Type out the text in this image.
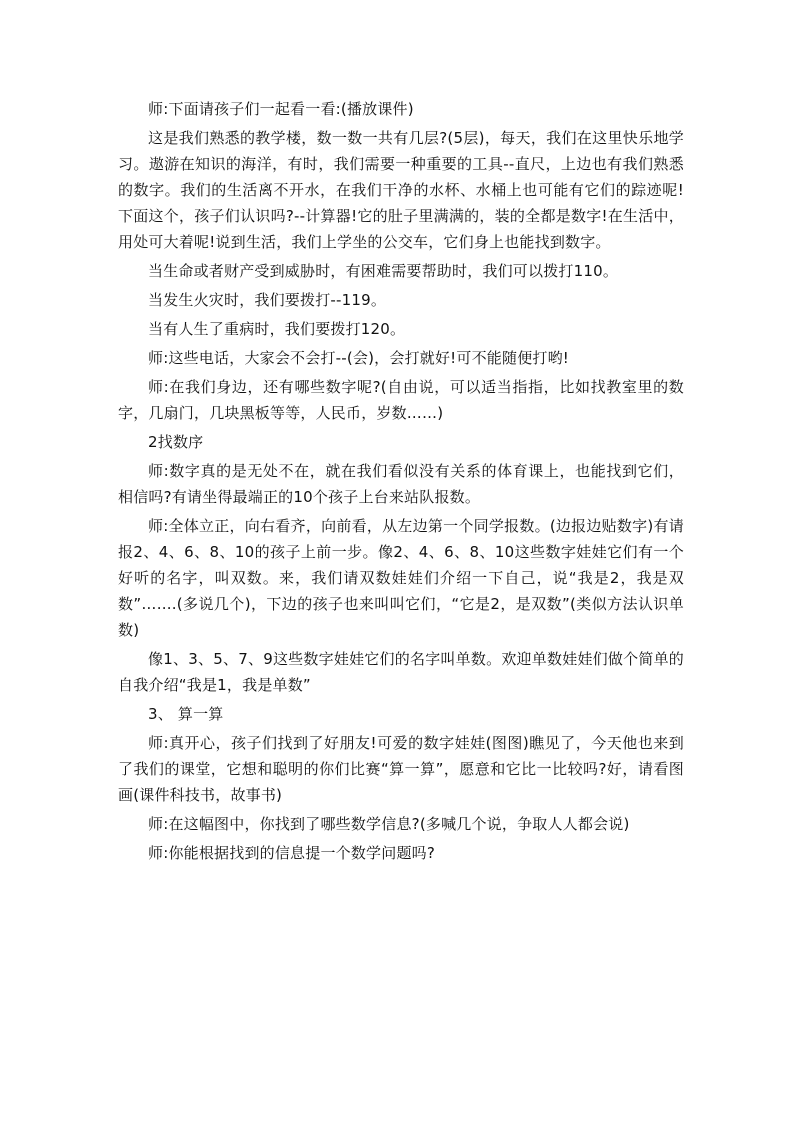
师:下面请孩子们一起看一看:(播放课件)

这是我们熟悉的教学楼，数一数一共有几层?(5层)，每天，我们在这里快乐地学习。遨游在知识的海洋，有时，我们需要一种重要的工具--直尺，上边也有我们熟悉的数字。我们的生活离不开水，在我们干净的水杯、水桶上也可能有它们的踪迹呢!下面这个，孩子们认识吗?--计算器!它的肚子里满满的，装的全都是数字!在生活中，用处可大着呢!说到生活，我们上学坐的公交车，它们身上也能找到数字。

当生命或者财产受到威胁时，有困难需要帮助时，我们可以拨打110。

当发生火灾时，我们要拨打--119。

当有人生了重病时，我们要拨打120。

师:这些电话，大家会不会打--(会)，会打就好!可不能随便打哟!

师:在我们身边，还有哪些数字呢?(自由说，可以适当指指，比如找教室里的数字，几扇门，几块黑板等等，人民币，岁数……)

2找数序

师:数字真的是无处不在，就在我们看似没有关系的体育课上，也能找到它们，相信吗?有请坐得最端正的10个孩子上台来站队报数。

师:全体立正，向右看齐，向前看，从左边第一个同学报数。(边报边贴数字)有请报2、4、6、8、10的孩子上前一步。像2、4、6、8、10这些数字娃娃它们有一个好听的名字，叫双数。来，我们请双数娃娃们介绍一下自己，说“我是2，我是双数”…….(多说几个)，下边的孩子也来叫叫它们，“它是2，是双数”(类似方法认识单数)

像1、3、5、7、9这些数字娃娃它们的名字叫单数。欢迎单数娃娃们做个简单的自我介绍“我是1，我是单数”

3、 算一算

师:真开心，孩子们找到了好朋友!可爱的数字娃娃(图图)瞧见了，今天他也来到了我们的课堂，它想和聪明的你们比赛“算一算”，愿意和它比一比较吗?好，请看图画(课件科技书，故事书)

师:在这幅图中，你找到了哪些数学信息?(多喊几个说，争取人人都会说)

师:你能根据找到的信息提一个数学问题吗?
